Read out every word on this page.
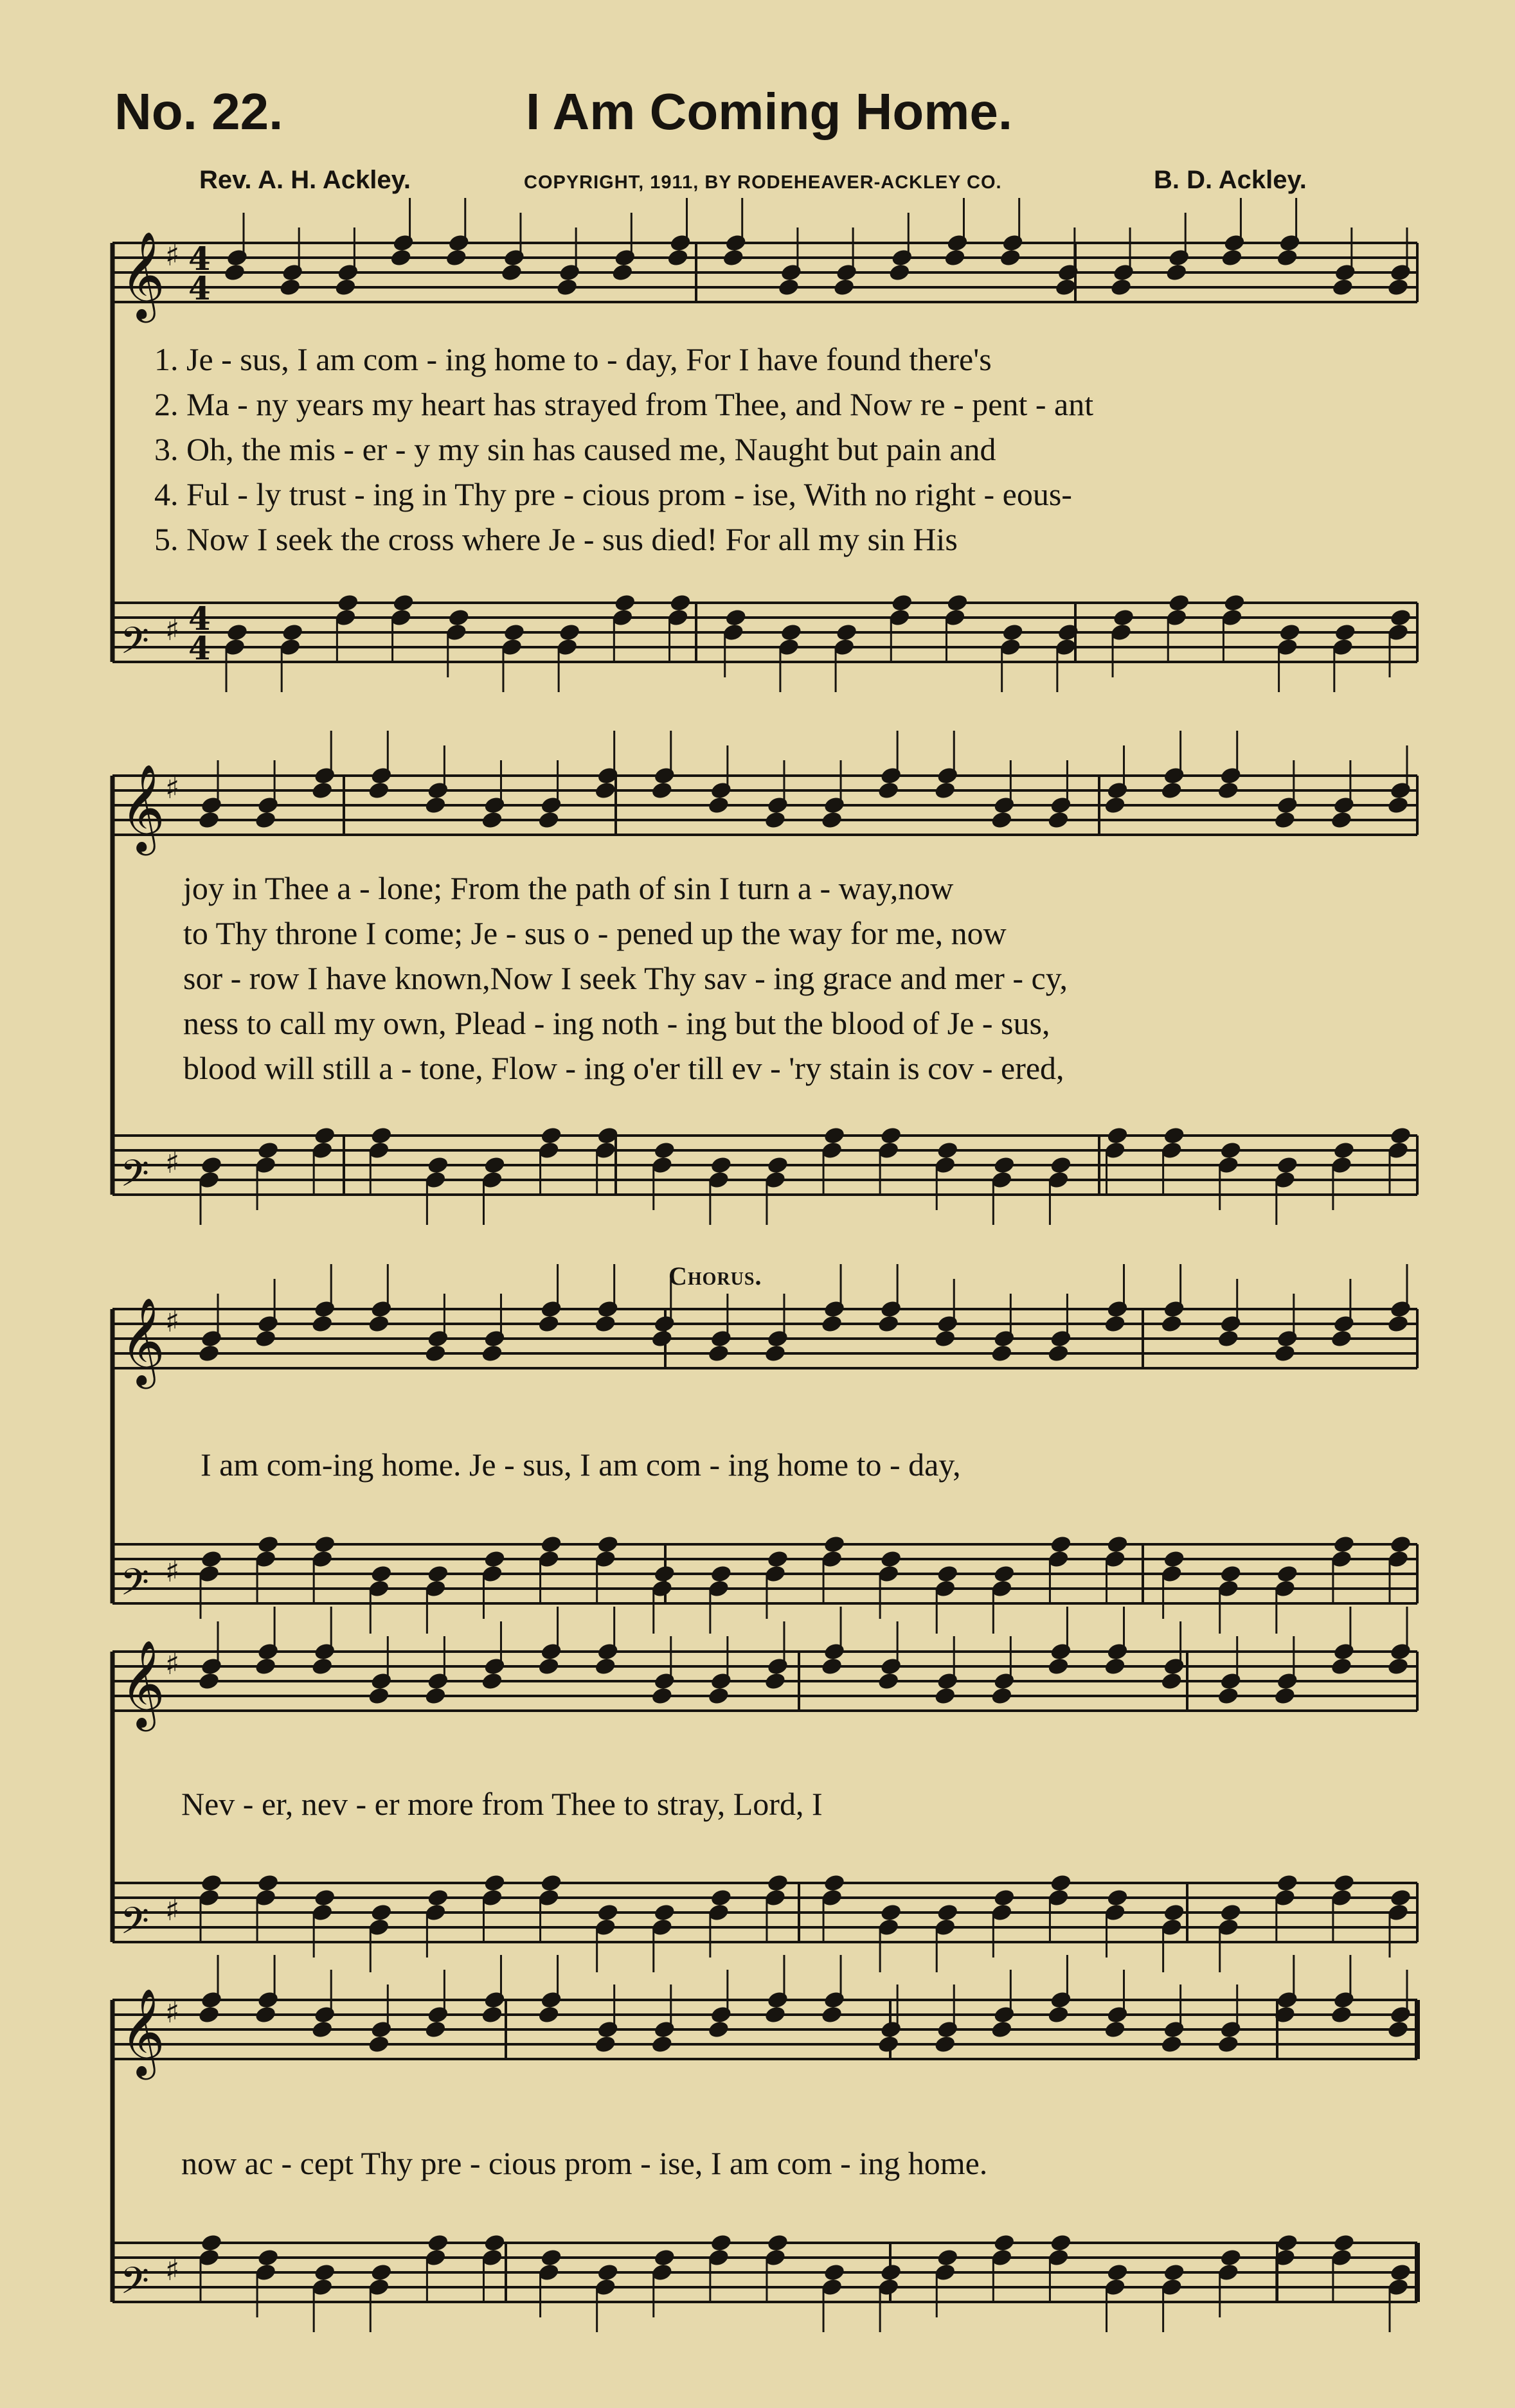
No. 22.	I Am Coming Home.
Rev. A. H. Ackley.	COPYRIGHT, 1911, BY RODEHEAVER-ACKLEY CO.	B. D. Ackley.
𝄞 ♯ 4
4
𝄢 ♯ 4
4
𝄞 ♯
𝄢 ♯
𝄞 ♯
𝄢 ♯
𝄞 ♯
𝄢 ♯
𝄞 ♯
𝄢 ♯
Chorus.
1. Je - sus, I am com - ing home to - day, For I have found there's
2. Ma - ny years my heart has strayed from Thee, and Now re - pent - ant
3. Oh, the mis - er - y my sin has caused me, Naught but pain and
4. Ful - ly trust - ing in Thy pre - cious prom - ise, With no right - eous-
5. Now I seek the cross where Je - sus died! For all my sin His
joy in Thee a - lone; From the path of sin I turn a - way,now
to Thy throne I come; Je - sus o - pened up the way for me, now
sor - row I have known,Now I seek Thy sav - ing grace and mer - cy,
ness to call my own, Plead - ing noth - ing but the blood of Je - sus,
blood will still a - tone, Flow - ing o'er till ev - 'ry stain is cov - ered,
I am com-ing home. Je - sus, I am com - ing home to - day,
Nev - er, nev - er more from Thee to stray, Lord, I
now ac - cept Thy pre - cious prom - ise, I am com - ing home.
